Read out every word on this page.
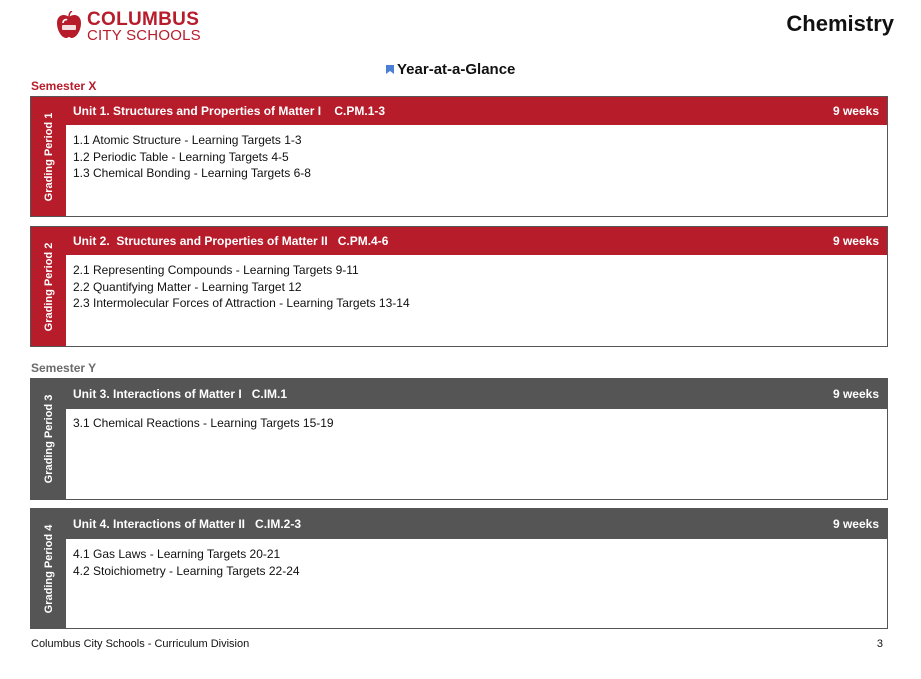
COLUMBUS
CITY SCHOOLS	Chemistry
Year-at-a-Glance
Semester X
Grading Period 1
Unit 1. Structures and Properties of Matter I    C.PM.1-3	9 weeks
1.1 Atomic Structure - Learning Targets 1-3
1.2 Periodic Table - Learning Targets 4-5
1.3 Chemical Bonding - Learning Targets 6-8
Grading Period 2
Unit 2.  Structures and Properties of Matter II   C.PM.4-6	9 weeks
2.1 Representing Compounds - Learning Targets 9-11
2.2 Quantifying Matter - Learning Target 12
2.3 Intermolecular Forces of Attraction - Learning Targets 13-14
Semester Y
Grading Period 3
Unit 3. Interactions of Matter I   C.IM.1	9 weeks
3.1 Chemical Reactions - Learning Targets 15-19
Grading Period 4
Unit 4. Interactions of Matter II   C.IM.2-3	9 weeks
4.1 Gas Laws - Learning Targets 20-21
4.2 Stoichiometry - Learning Targets 22-24
Columbus City Schools - Curriculum Division	3
